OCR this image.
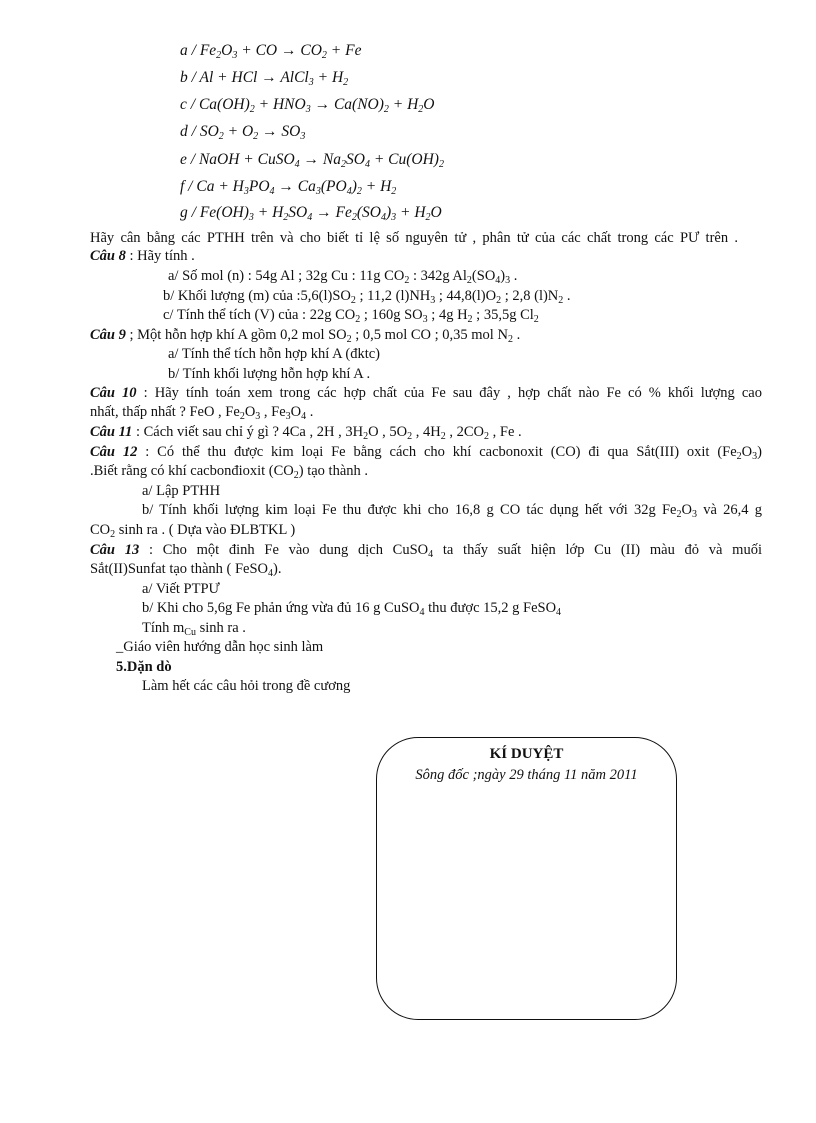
a / $Fe_2O_3$ + CO → $CO_2 + Fe$
b / Al + HCl → AlCl$_3$ + $H_2$
$c / Ca(OH)_2 + HNO_3 \to Ca(NO)_2 + H_2O$
$d / SO_2 + O_2 \to SO_3$
e / NaOH + CuSO$_4$ → $Na_2SO_4 + Cu(OH)_2$
$f / Ca + H_3PO_4 \to Ca_3(PO_4)_2 + H_2$
$g / Fe(OH)_3 + H_2SO_4 \to Fe_2(SO_4)_3 + H_2O$
Hãy cân bằng các PTHH trên và cho biết tỉ lệ số nguyên tử , phân tử của các chất trong các PƯ trên .
Câu 8 : Hãy tính .
a/ Số mol (n) : 54g Al ; 32g Cu : 11g $CO_2$ : 342g $Al_2(SO_4)_3$ .
b/ Khối lượng (m) của $:5,6(l)SO_2$ ; 11,2 $(l)NH_3$ ; $44,8(l)O_2$ ; 2,8 $(l)N_2$ .
c/ Tính thể tích (V) của : 22g $CO_2$ ; 160g $SO_3$ ; 4g $H_2$ ; 35,5g $Cl_2$
Câu 9 ; Một hỗn hợp khí A gồm 0,2 mol $SO_2$ ; 0,5 mol CO ; 0,35 mol $N_2$ .
a/ Tính thể tích hỗn hợp khí A (đktc)
b/ Tính khối lượng hỗn hợp khí A .
Câu 10 : Hãy tính toán xem trong các hợp chất của Fe sau đây , hợp chất nào Fe có % khối lượng cao
nhất, thấp nhất ? FeO , $Fe_2O_3$ , $Fe_3O_4$ .
Câu 11 : Cách viết sau chỉ ý gì ? 4Ca , 2H , $3H_2O$ , $5O_2$ , $4H_2$ , $2CO_2$ , Fe .
Câu 12 : Có thể thu được kim loại Fe bằng cách cho khí cacbonoxit (CO) đi qua Sắt(III) oxit $(Fe_2O_3)$
.Biết rằng có khí cacbonđioxit $(CO_2)$ tạo thành .
a/ Lập PTHH
b/ Tính khối lượng kim loại Fe thu được khi cho 16,8 g CO tác dụng hết với 32g $Fe_2O_3$ và 26,4 g
$CO_2$ sinh ra . ( Dựa vào ĐLBTKL )
Câu 13 : Cho một đinh Fe vào dung dịch CuSO$_4$ ta thấy suất hiện lớp Cu (II) màu đỏ và muối
Sắt(II)Sunfat tạo thành ( FeSO$_4$).
a/ Viết PTPƯ
b/ Khi cho 5,6g Fe phản ứng vừa đủ 16 g CuSO$_4$ thu được 15,2 g FeSO$_4$
Tính $m_{Cu}$ sinh ra .
_Giáo viên hướng dẫn học sinh làm
5.Dặn dò
Làm hết các câu hỏi trong đề cương
KÍ DUYỆT
Sông đốc ;ngày 29 tháng 11 năm 2011
